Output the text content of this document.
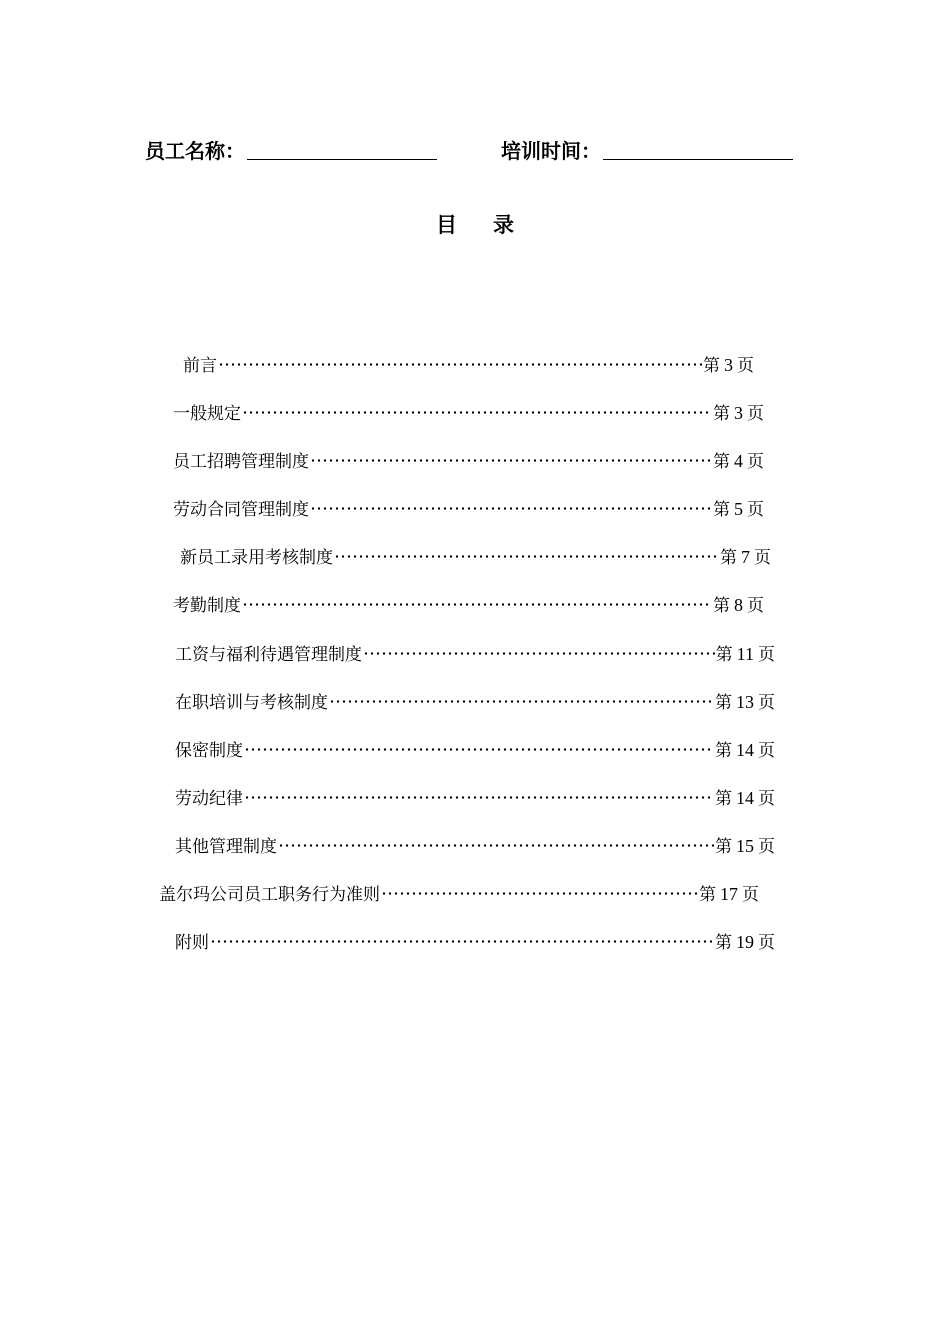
员工名称：	培训时间：
目录
前言	第 3 页
一般规定	第 3 页
员工招聘管理制度	第 4 页
劳动合同管理制度	第 5 页
新员工录用考核制度	第 7 页
考勤制度	第 8 页
工资与福利待遇管理制度	第 11 页
在职培训与考核制度	第 13 页
保密制度	第 14 页
劳动纪律	第 14 页
其他管理制度	第 15 页
盖尔玛公司员工职务行为准则	第 17 页
附则	第 19 页
